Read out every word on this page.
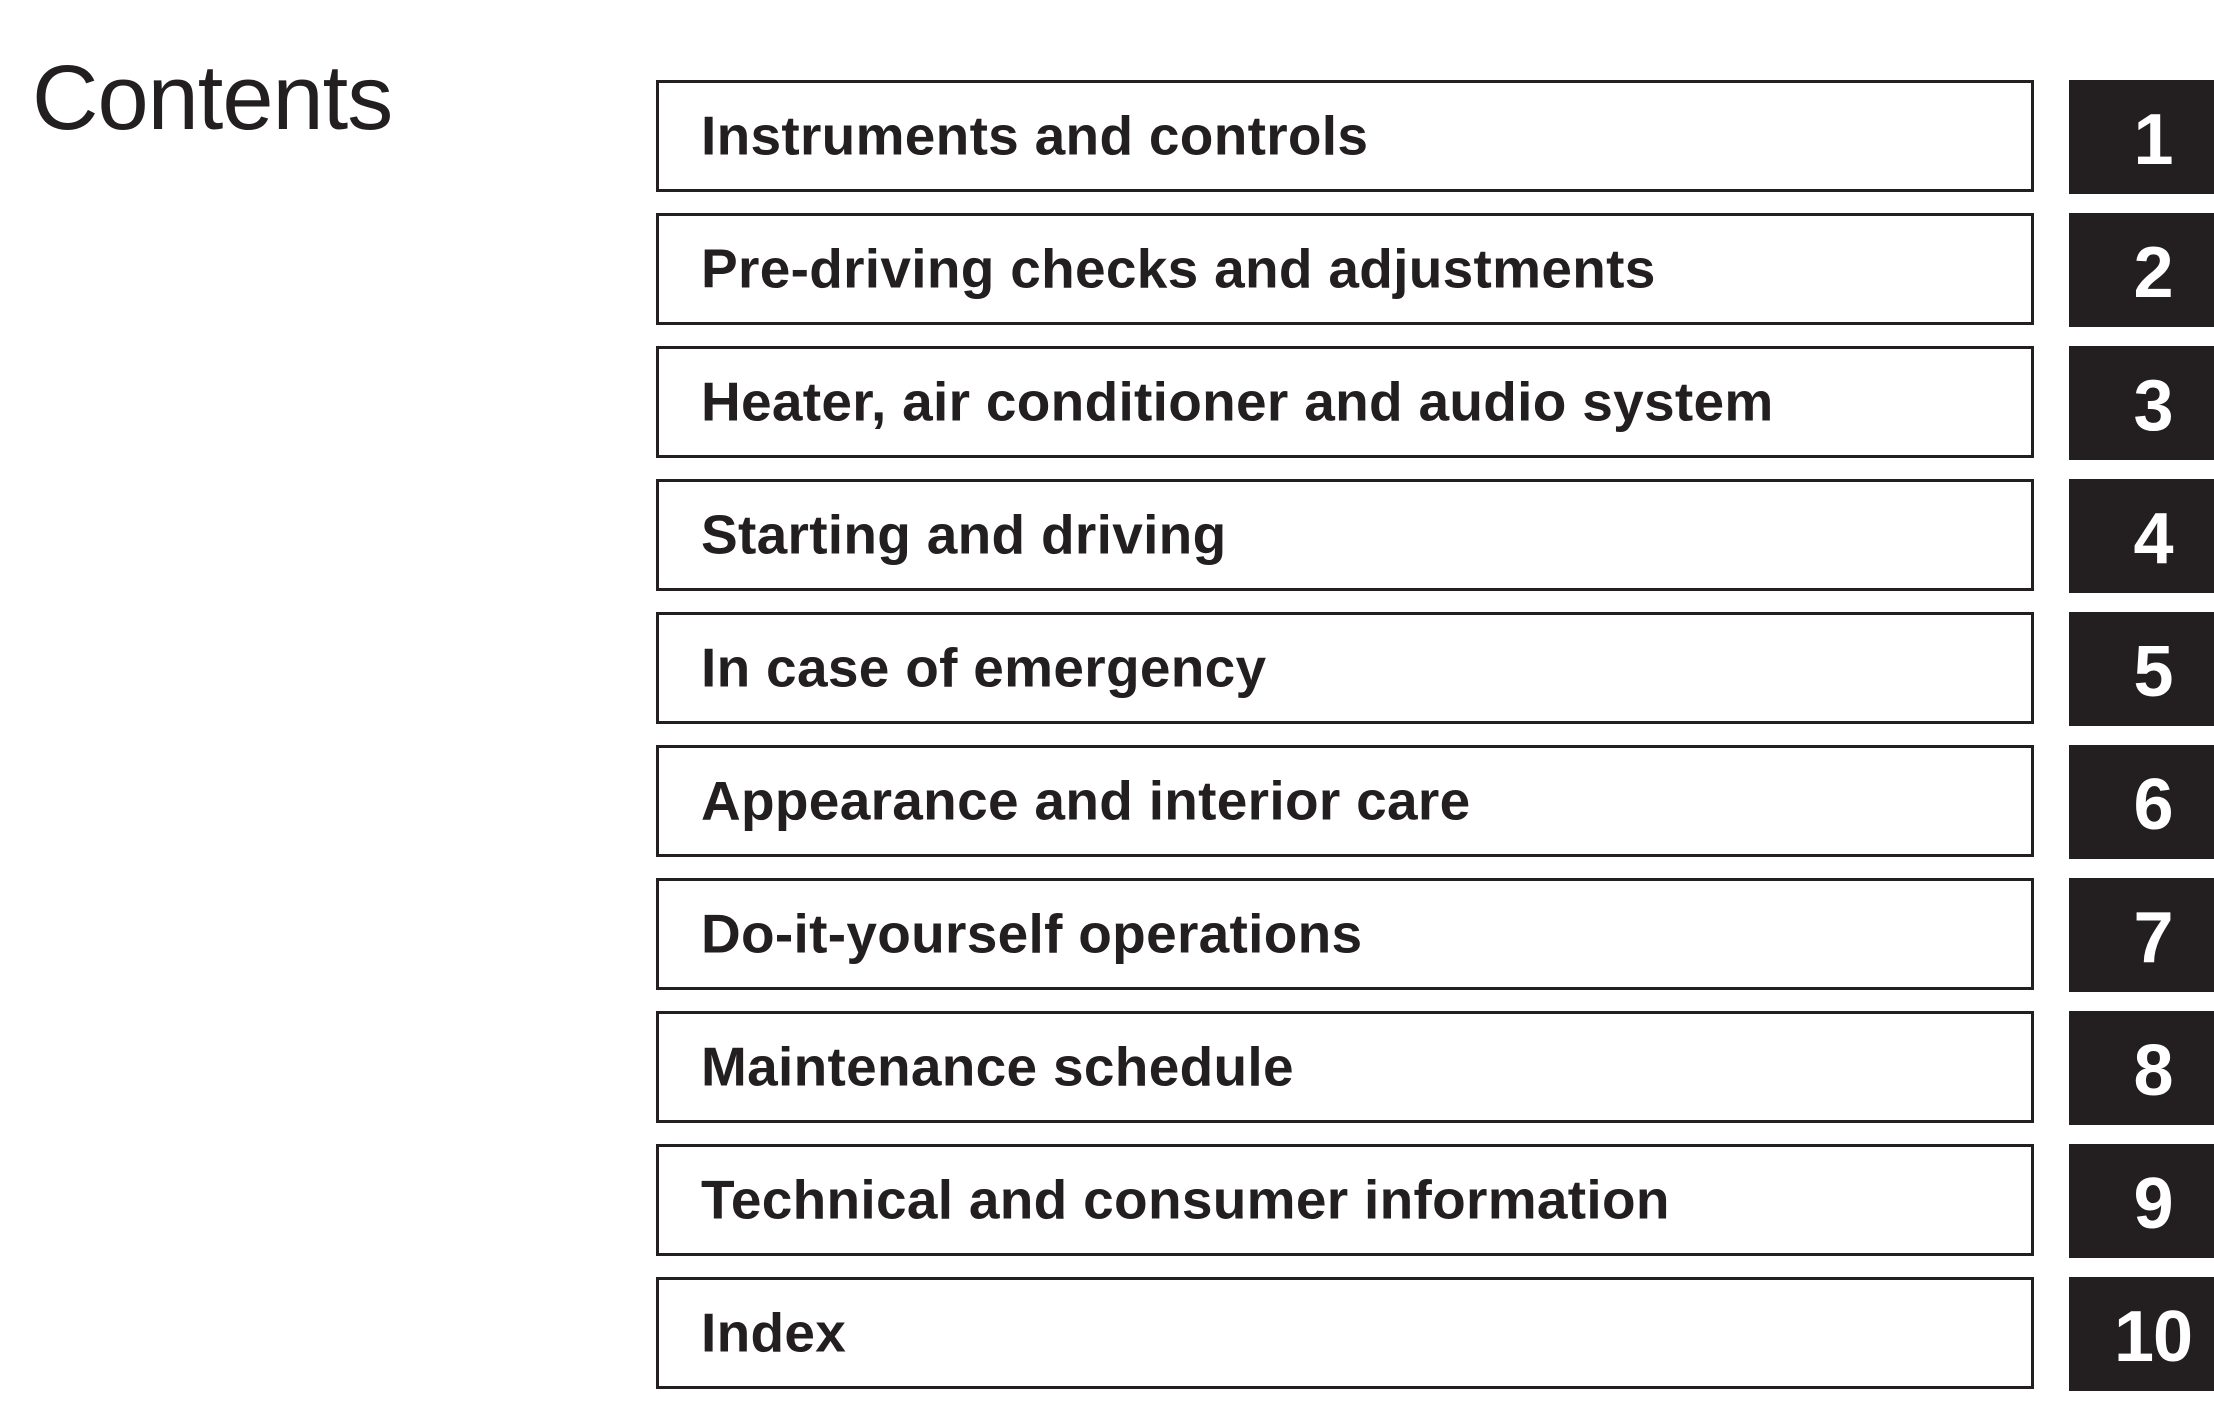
Contents	Instruments and controls	1
Pre-driving checks and adjustments	2
Heater, air conditioner and audio system	3
Starting and driving	4
In case of emergency	5
Appearance and interior care	6
Do-it-yourself operations	7
Maintenance schedule	8
Technical and consumer information	9
Index	10
